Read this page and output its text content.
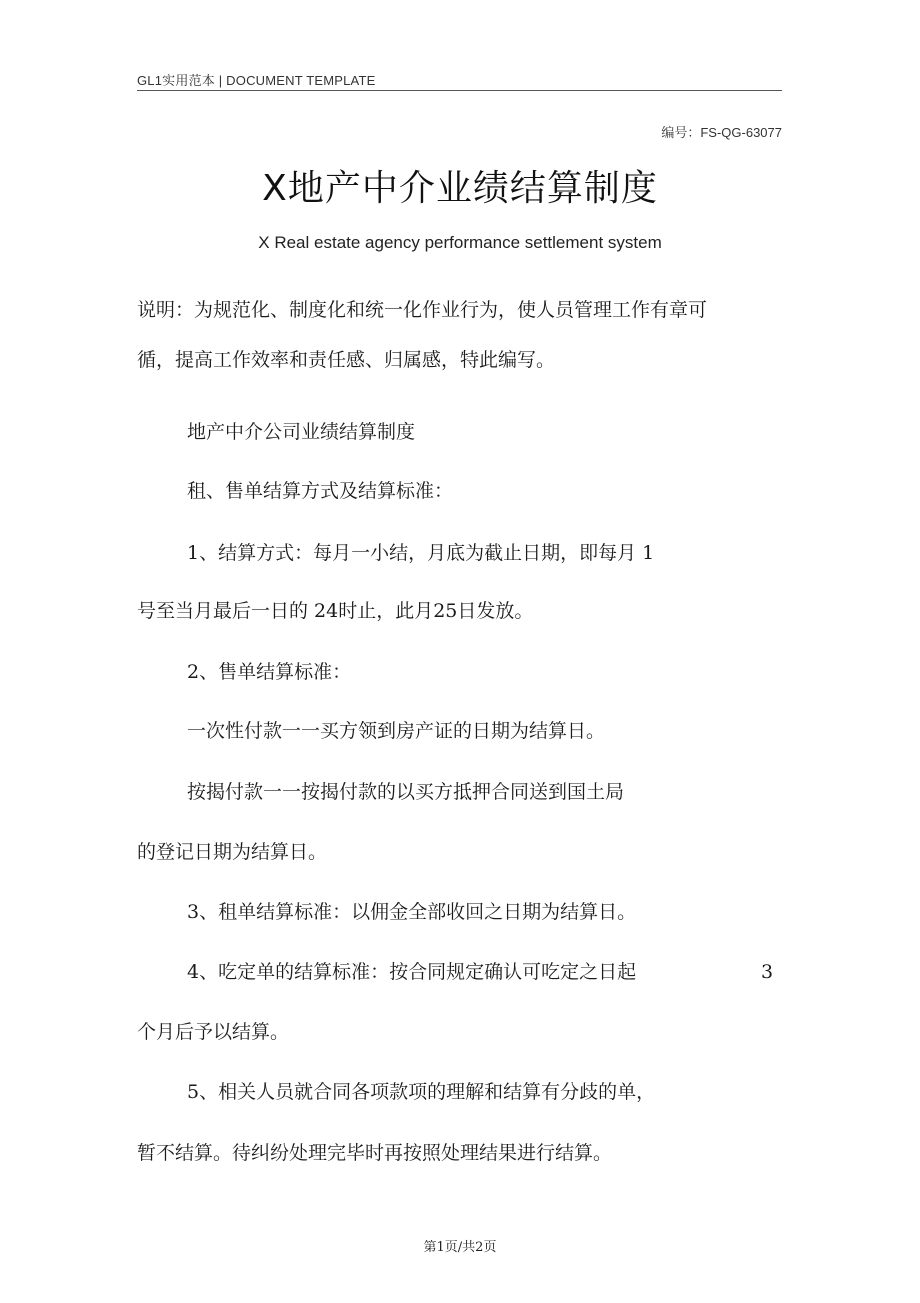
GL1实用范本 | DOCUMENT TEMPLATE
编号：FS-QG-63077
X地产中介业绩结算制度
X Real estate agency performance settlement system
说明：为规范化、制度化和统一化作业行为，使人员管理工作有章可
循，提高工作效率和责任感、归属感，特此编写。
地产中介公司业绩结算制度
租、售单结算方式及结算标准：
1、结算方式：每月一小结，月底为截止日期，即每月 1
号至当月最后一日的 24时止，此月25日发放。
2、售单结算标准：
一次性付款一一买方领到房产证的日期为结算日。
按揭付款一一按揭付款的以买方抵押合同送到国土局
的登记日期为结算日。
3、租单结算标准：以佣金全部收回之日期为结算日。
4、吃定单的结算标准：按合同规定确认可吃定之日起	3
个月后予以结算。
5、相关人员就合同各项款项的理解和结算有分歧的单，
暂不结算。待纠纷处理完毕时再按照处理结果进行结算。
第1页/共2页
